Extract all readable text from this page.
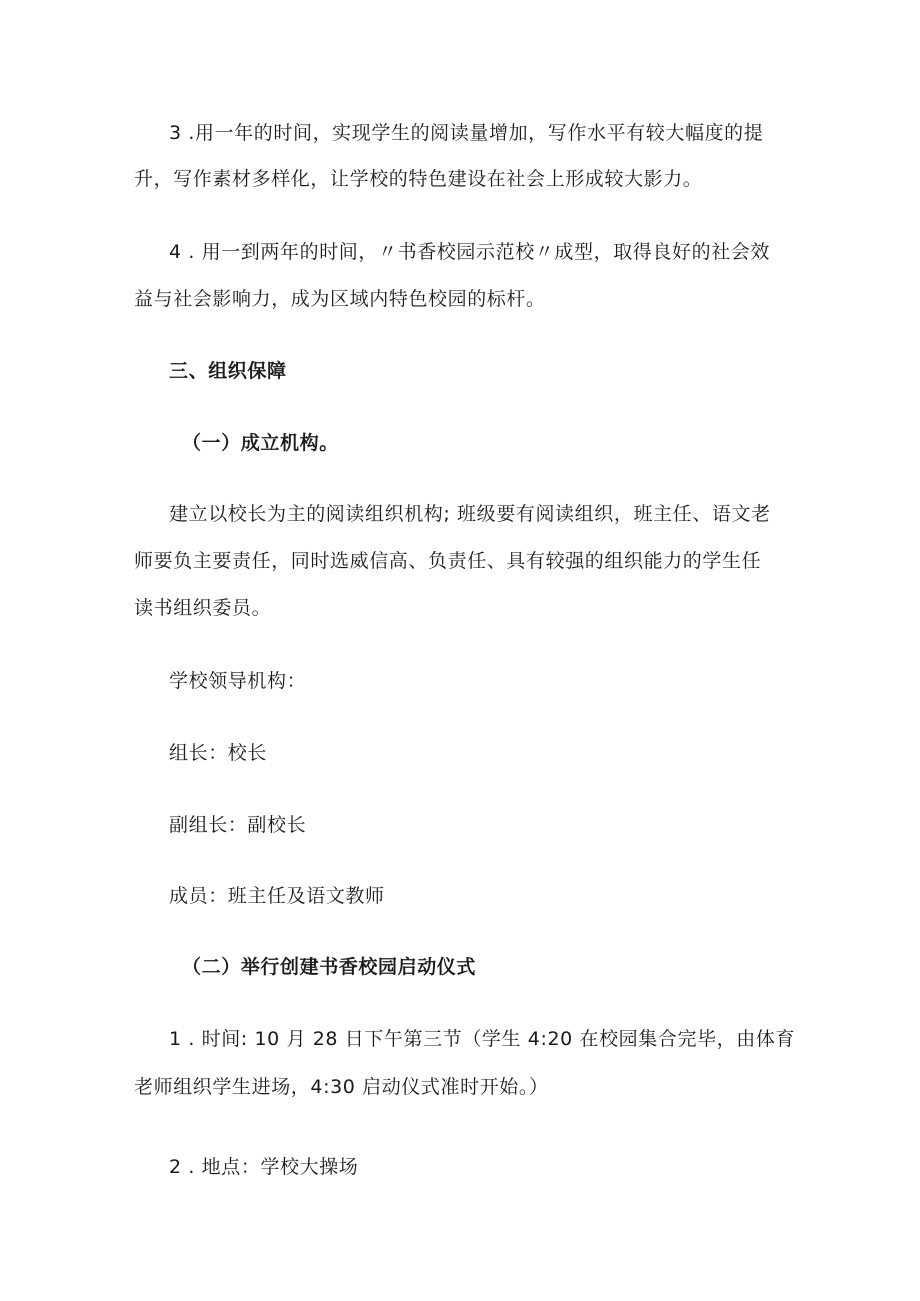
3 .用一年的时间，实现学生的阅读量增加，写作水平有较大幅度的提
升，写作素材多样化，让学校的特色建设在社会上形成较大影力。
4 . 用一到两年的时间，〃书香校园示范校〃成型，取得良好的社会效
益与社会影响力，成为区域内特色校园的标杆。
三、组织保障
（一）成立机构。
建立以校长为主的阅读组织机构; 班级要有阅读组织，班主任、语文老
师要负主要责任，同时选威信高、负责任、具有较强的组织能力的学生任
读书组织委员。
学校领导机构：
组长：校长
副组长：副校长
成员：班主任及语文教师
（二）举行创建书香校园启动仪式
1 . 时间: 10 月 28 日下午第三节（学生 4:20 在校园集合完毕，由体育
老师组织学生进场，4:30 启动仪式准时开始。）
2 . 地点：学校大操场
